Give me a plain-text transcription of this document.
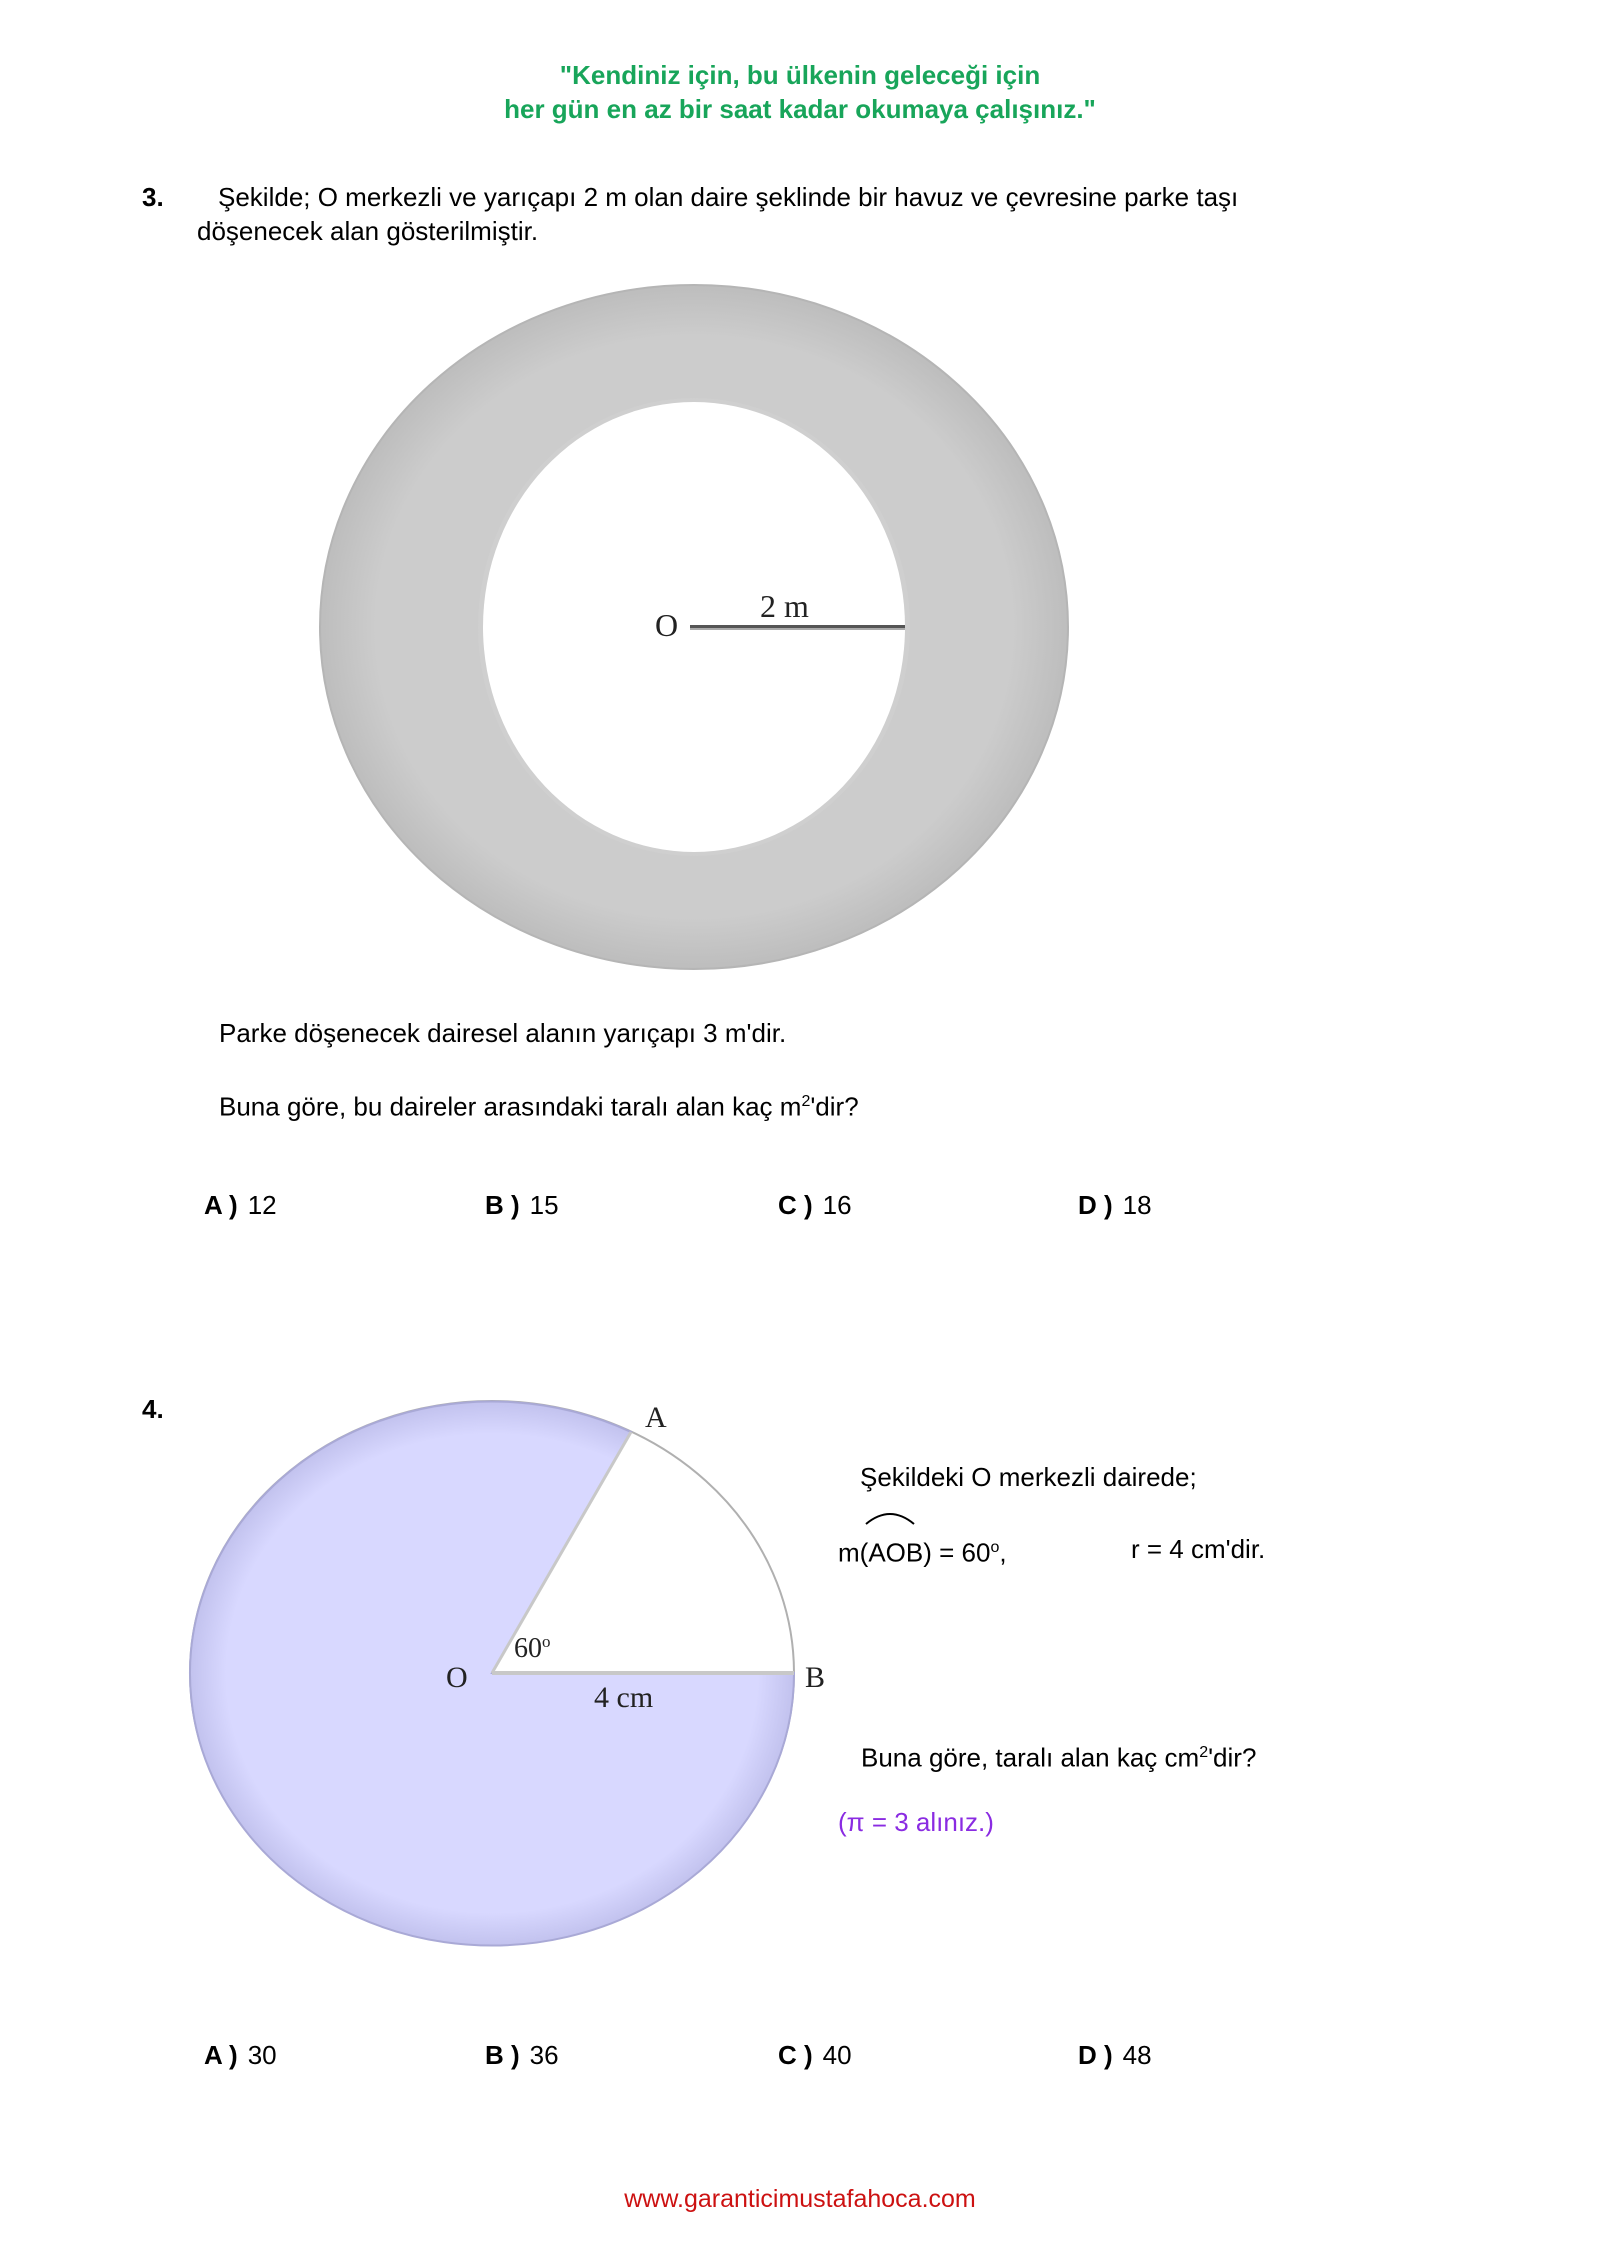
"Kendiniz için, bu ülkenin geleceği için
her gün en az bir saat kadar okumaya çalışınız."
3. Şekilde; O merkezli ve yarıçapı 2 m olan daire şeklinde bir havuz ve çevresine parke taşı
döşenecek alan gösterilmiştir.
O
2 m
Parke döşenecek dairesel alanın yarıçapı 3 m'dir.
Buna göre, bu daireler arasındaki taralı alan kaç $m^2'dir$?
A ) 12	B ) 15	C ) 16	D ) 18
4.	A
B
O
60$^o$
4 cm
Şekildeki O merkezli dairede;
$m(AOB) = 60^o$,	r = 4 cm'dir.
Buna göre, taralı alan kaç $cm^2'dir$?
(π = 3 alınız.)
A ) 30	B ) 36	C ) 40	D ) 48
www.garanticimustafahoca.com
